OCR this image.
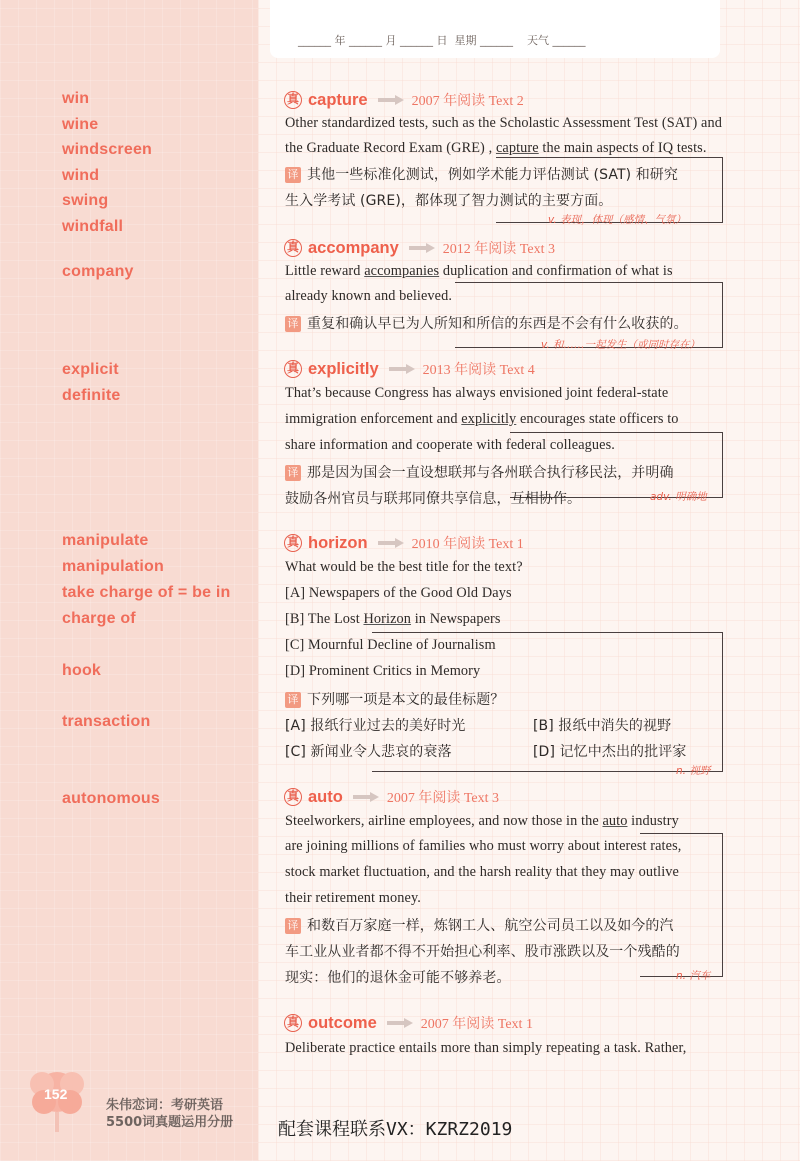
______ 年 ______ 月 ______ 日  星期 ______    天气 ______
win
wine
windscreen
wind
swing
windfall
company
explicit
definite
manipulate
manipulation
take charge of = be in
charge of
hook
transaction
autonomous
真 capture	2007 年阅读 Text 2
Other standardized tests, such as the Scholastic Assessment Test (SAT) and
the Graduate Record Exam (GRE) , capture the main aspects of IQ tests.
译 其他一些标准化测试，例如学术能力评估测试 (SAT) 和研究
生入学考试 (GRE)，都体现了智力测试的主要方面。
v. 表现，体现（感情、气氛）
真 accompany	2012 年阅读 Text 3
Little reward accompanies duplication and confirmation of what is
already known and believed.
译 重复和确认早已为人所知和所信的东西是不会有什么收获的。
v. 和……一起发生（或同时存在）
真 explicitly	2013 年阅读 Text 4
That’s because Congress has always envisioned joint federal-state
immigration enforcement and explicitly encourages state officers to
share information and cooperate with federal colleagues.
译 那是因为国会一直设想联邦与各州联合执行移民法，并明确
鼓励各州官员与联邦同僚共享信息，互相协作。	adv. 明确地
真 horizon	2010 年阅读 Text 1
What would be the best title for the text?
[A] Newspapers of the Good Old Days
[B] The Lost Horizon in Newspapers
[C] Mournful Decline of Journalism
[D] Prominent Critics in Memory
译 下列哪一项是本文的最佳标题？
[A] 报纸行业过去的美好时光	[B] 报纸中消失的视野
[C] 新闻业令人悲哀的衰落	[D] 记忆中杰出的批评家
n. 视野
真 auto	2007 年阅读 Text 3
Steelworkers, airline employees, and now those in the auto industry
are joining millions of families who must worry about interest rates,
stock market fluctuation, and the harsh reality that they may outlive
their retirement money.
译 和数百万家庭一样，炼钢工人、航空公司员工以及如今的汽
车工业从业者都不得不开始担心利率、股市涨跌以及一个残酷的
现实：他们的退休金可能不够养老。	n. 汽车
真 outcome	2007 年阅读 Text 1
Deliberate practice entails more than simply repeating a task. Rather,
152
朱伟恋词：考研英语
5500词真题运用分册 配套课程联系VX：KZRZ2019
